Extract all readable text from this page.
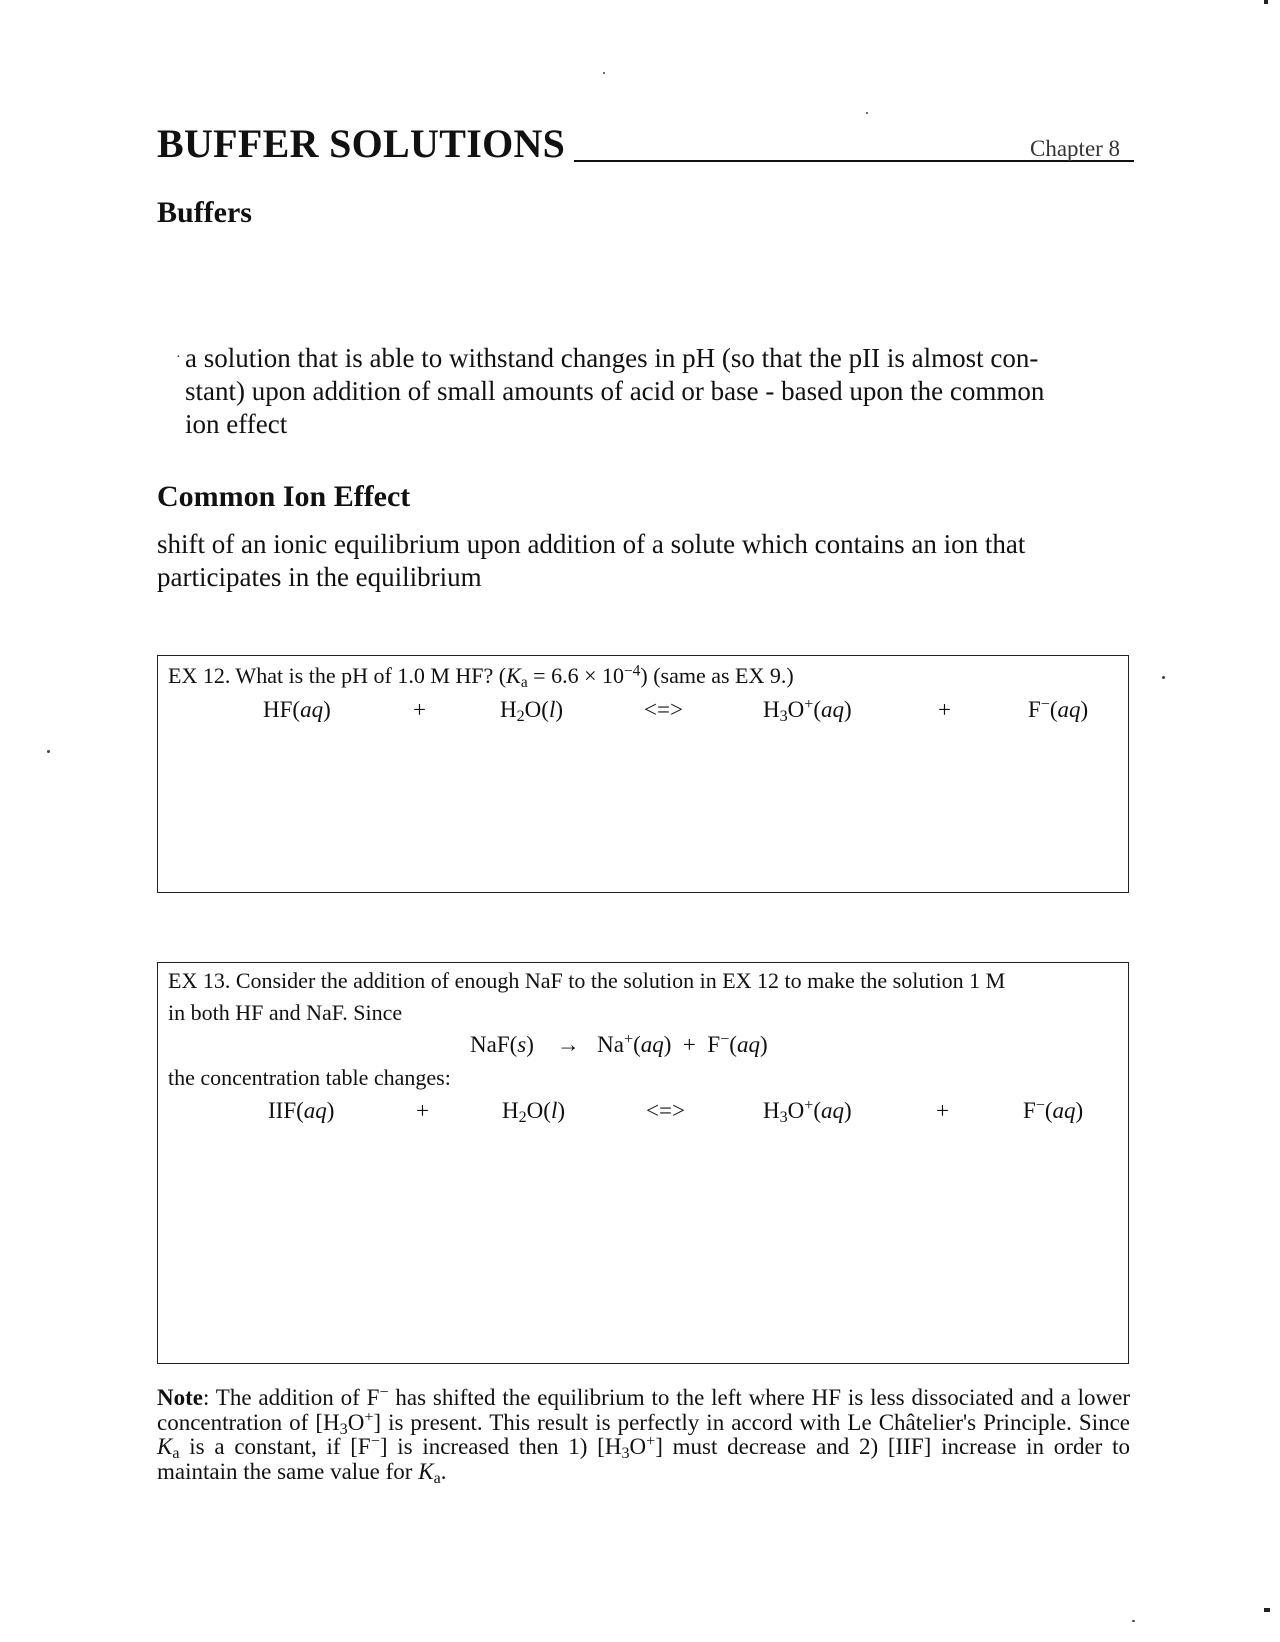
BUFFER SOLUTIONS	Chapter 8
Buffers
· a solution that is able to withstand changes in pH (so that the pII is almost con-
stant) upon addition of small amounts of acid or base - based upon the common
ion effect
Common Ion Effect
shift of an ionic equilibrium upon addition of a solute which contains an ion that
participates in the equilibrium
EX 12. What is the pH of 1.0 M HF? $(K_a = 6.6 \times 10^{-4})$ (same as EX 9.)
HF(aq)	+	$H_2O(l)$	<=>	$H_3O^+(aq)$	+	F−(aq)
EX 13. Consider the addition of enough NaF to the solution in EX 12 to make the solution 1 M
in both HF and NaF. Since
NaF(s)    → Na+(aq)  + F−(aq)
the concentration table changes:
IIF(aq)	+	$H_2O(l)$	<=>	$H_3O^+(aq)$	+	F−(aq)
Note: The addition of F− has shifted the equilibrium to the left where HF is less dissociated and a lower concentration of $[H_3O^+]$ is present. This result is perfectly in accord with Le Châtelier's Principle. Since $K_a$ is a constant, if [F−] is increased then 1) $[H_3O^+]$ must decrease and 2) [IIF] increase in order to maintain the same value for $K_a$.
